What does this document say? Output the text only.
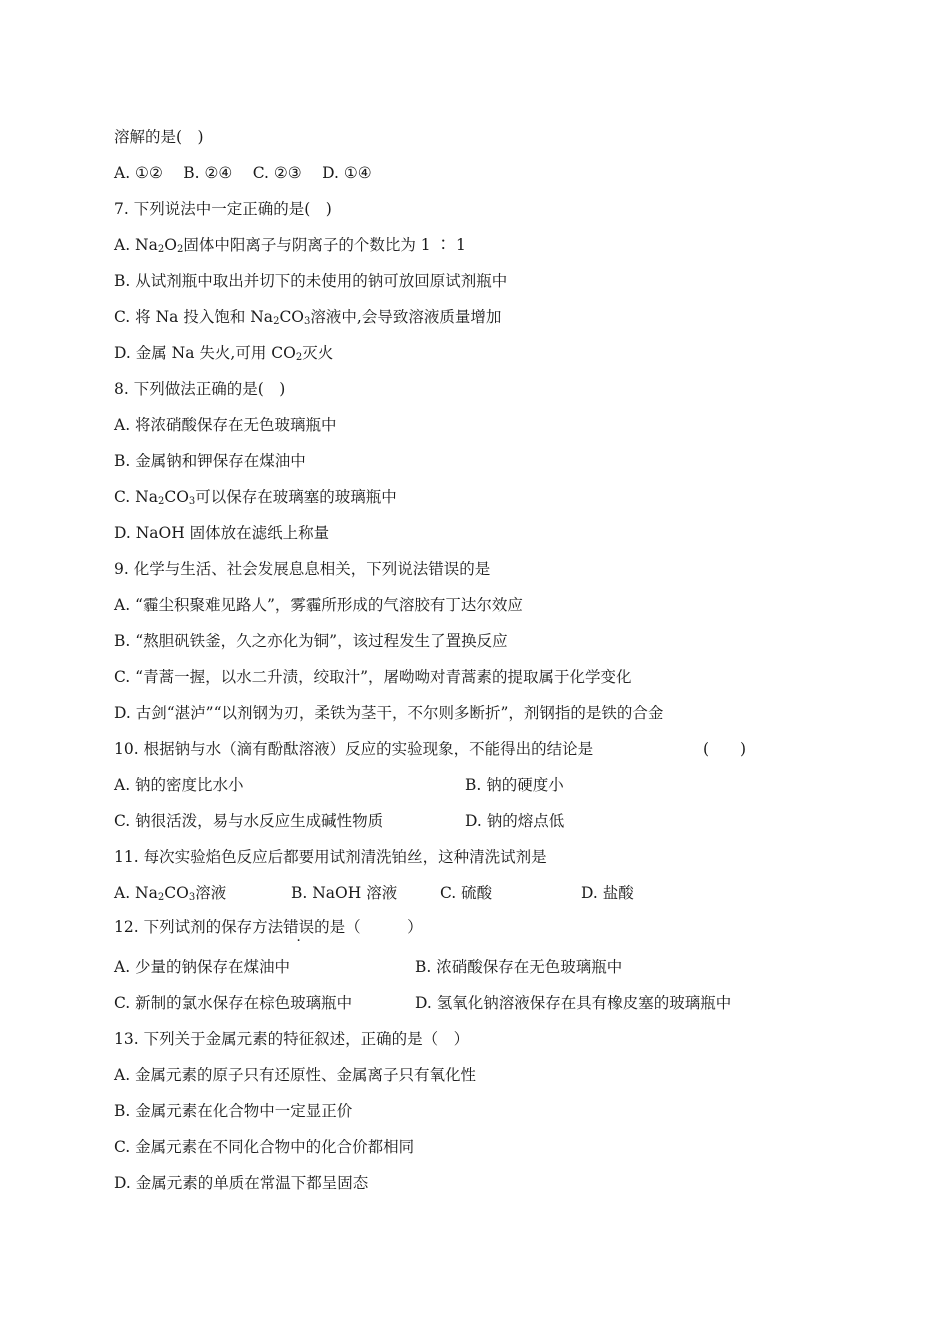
溶解的是(　)
A. ①②　 B. ②④　 C. ②③　 D. ①④
7. 下列说法中一定正确的是(　)
A. $Na_2O_2$固体中阳离子与阴离子的个数比为 1 ∶ 1
B. 从试剂瓶中取出并切下的未使用的钠可放回原试剂瓶中
C. 将 Na 投入饱和 $Na_2CO_3$溶液中,会导致溶液质量增加
D. 金属 Na 失火,可用 $CO_2$灭火
8. 下列做法正确的是(　)
A. 将浓硝酸保存在无色玻璃瓶中
B. 金属钠和钾保存在煤油中
C. $Na_2CO_3$可以保存在玻璃塞的玻璃瓶中
D. NaOH 固体放在滤纸上称量
9. 化学与生活、社会发展息息相关，下列说法错误的是
A. “霾尘积聚难见路人”，雾霾所形成的气溶胶有丁达尔效应
B. “熬胆矾铁釜，久之亦化为铜”，该过程发生了置换反应
C. “青蒿一握，以水二升渍，绞取汁”，屠呦呦对青蒿素的提取属于化学变化
D. 古剑“湛泸”“以剂钢为刃，柔铁为茎干，不尔则多断折”，剂钢指的是铁的合金
10. 根据钠与水（滴有酚酞溶液）反应的实验现象，不能得出的结论是	(　　)
A. 钠的密度比水小	B. 钠的硬度小
C. 钠很活泼，易与水反应生成碱性物质	D. 钠的熔点低
11. 每次实验焰色反应后都要用试剂清洗铂丝，这种清洗试剂是
A. $Na_2CO_3$溶液	B. NaOH 溶液	C. 硫酸	D. 盐酸
12. 下列试剂的保存方法错误的是（　　　）
A. 少量的钠保存在煤油中	B. 浓硝酸保存在无色玻璃瓶中
C. 新制的氯水保存在棕色玻璃瓶中	D. 氢氧化钠溶液保存在具有橡皮塞的玻璃瓶中
13. 下列关于金属元素的特征叙述，正确的是（　）
A. 金属元素的原子只有还原性、金属离子只有氧化性
B. 金属元素在化合物中一定显正价
C. 金属元素在不同化合物中的化合价都相同
D. 金属元素的单质在常温下都呈固态
